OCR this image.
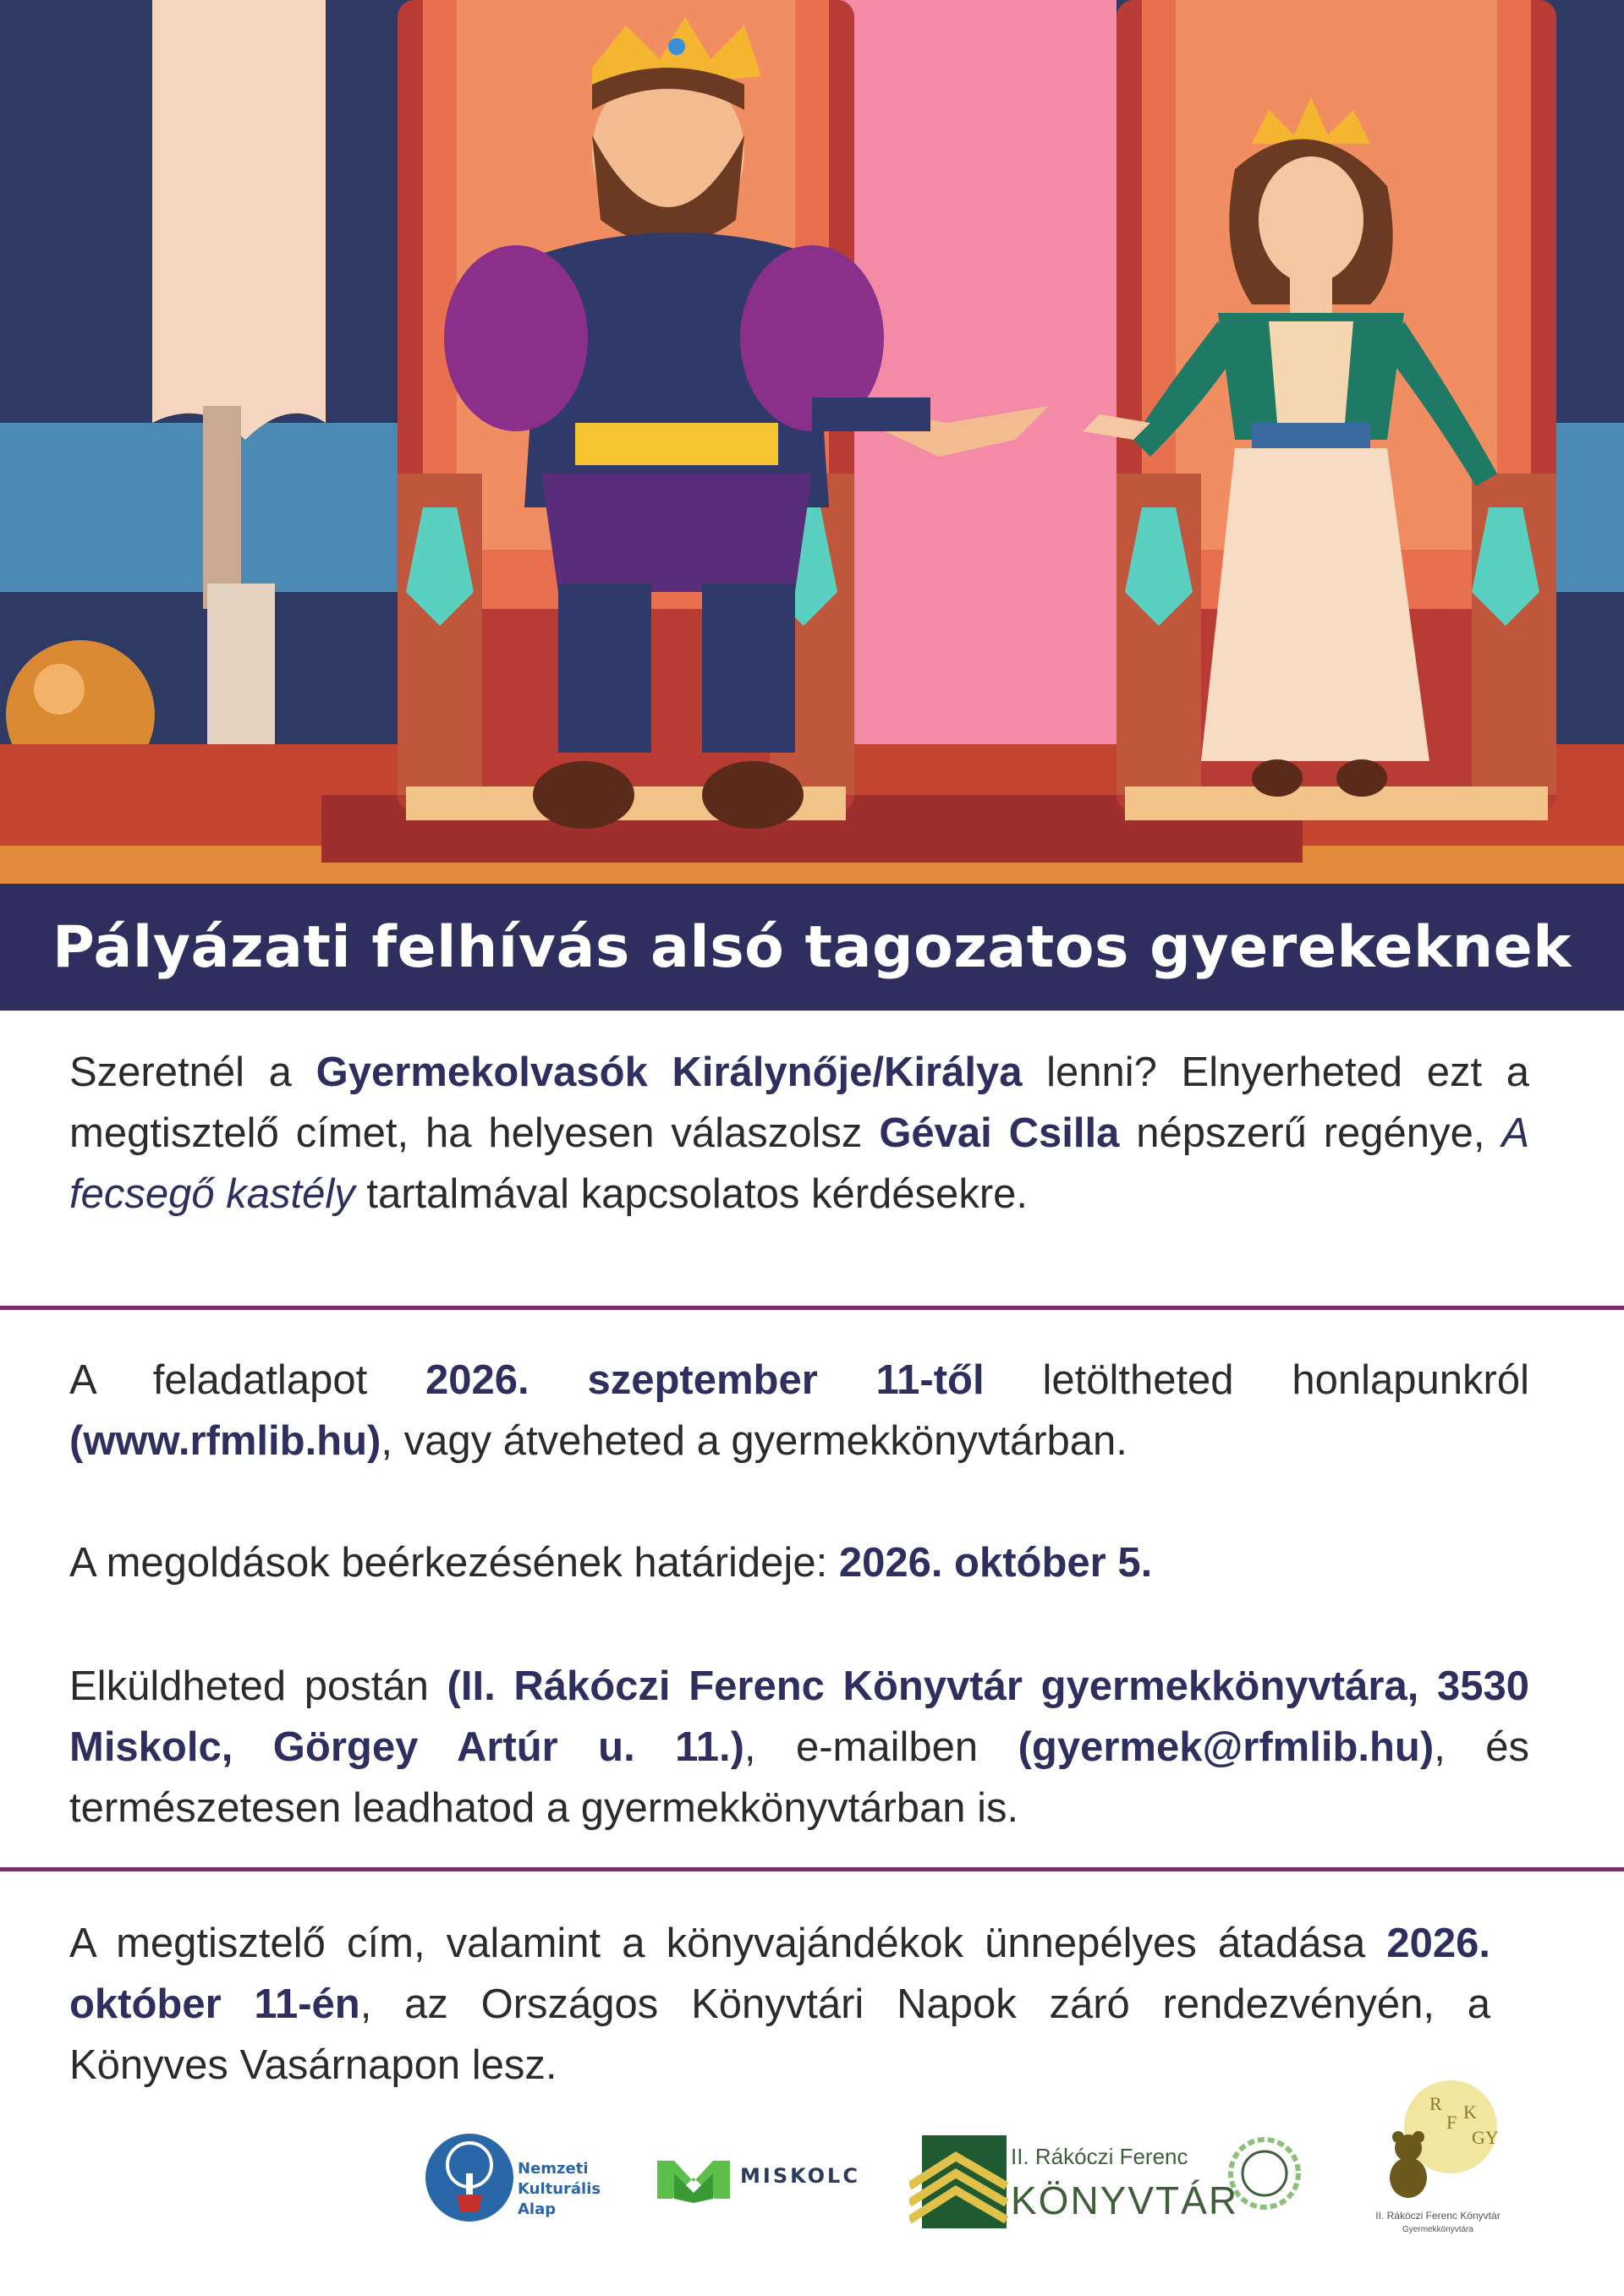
Pályázati felhívás alsó tagozatos gyerekeknek

Szeretnél a Gyermekolvasók Királynője/Királya lenni? Elnyerheted ezt a megtisztelő címet, ha helyesen válaszolsz Gévai Csilla népszerű regénye, A fecsegő kastély tartalmával kapcsolatos kérdésekre.

A feladatlapot 2026. szeptember 11-től letöltheted honlapunkról (www.rfmlib.hu), vagy átveheted a gyermekkönyvtárban.

A megoldások beérkezésének határideje: 2026. október 5.

Elküldheted postán (II. Rákóczi Ferenc Könyvtár gyermekkönyvtára, 3530 Miskolc, Görgey Artúr u. 11.), e-mailben (gyermek@rfmlib.hu), és természetesen leadhatod a gyermekkönyvtárban is.

A megtisztelő cím, valamint a könyvajándékok ünnepélyes átadása 2026. október 11-én, az Országos Könyvtári Napok záró rendezvényén, a Könyves Vasárnapon lesz.

Nemzeti
Kulturális
Alap
MISKOLC
II. Rákóczi Ferenc
KÖNYVTÁR
R
F K
GY
II. Rákóczi Ferenc Könyvtár
Gyermekkönyvtára
